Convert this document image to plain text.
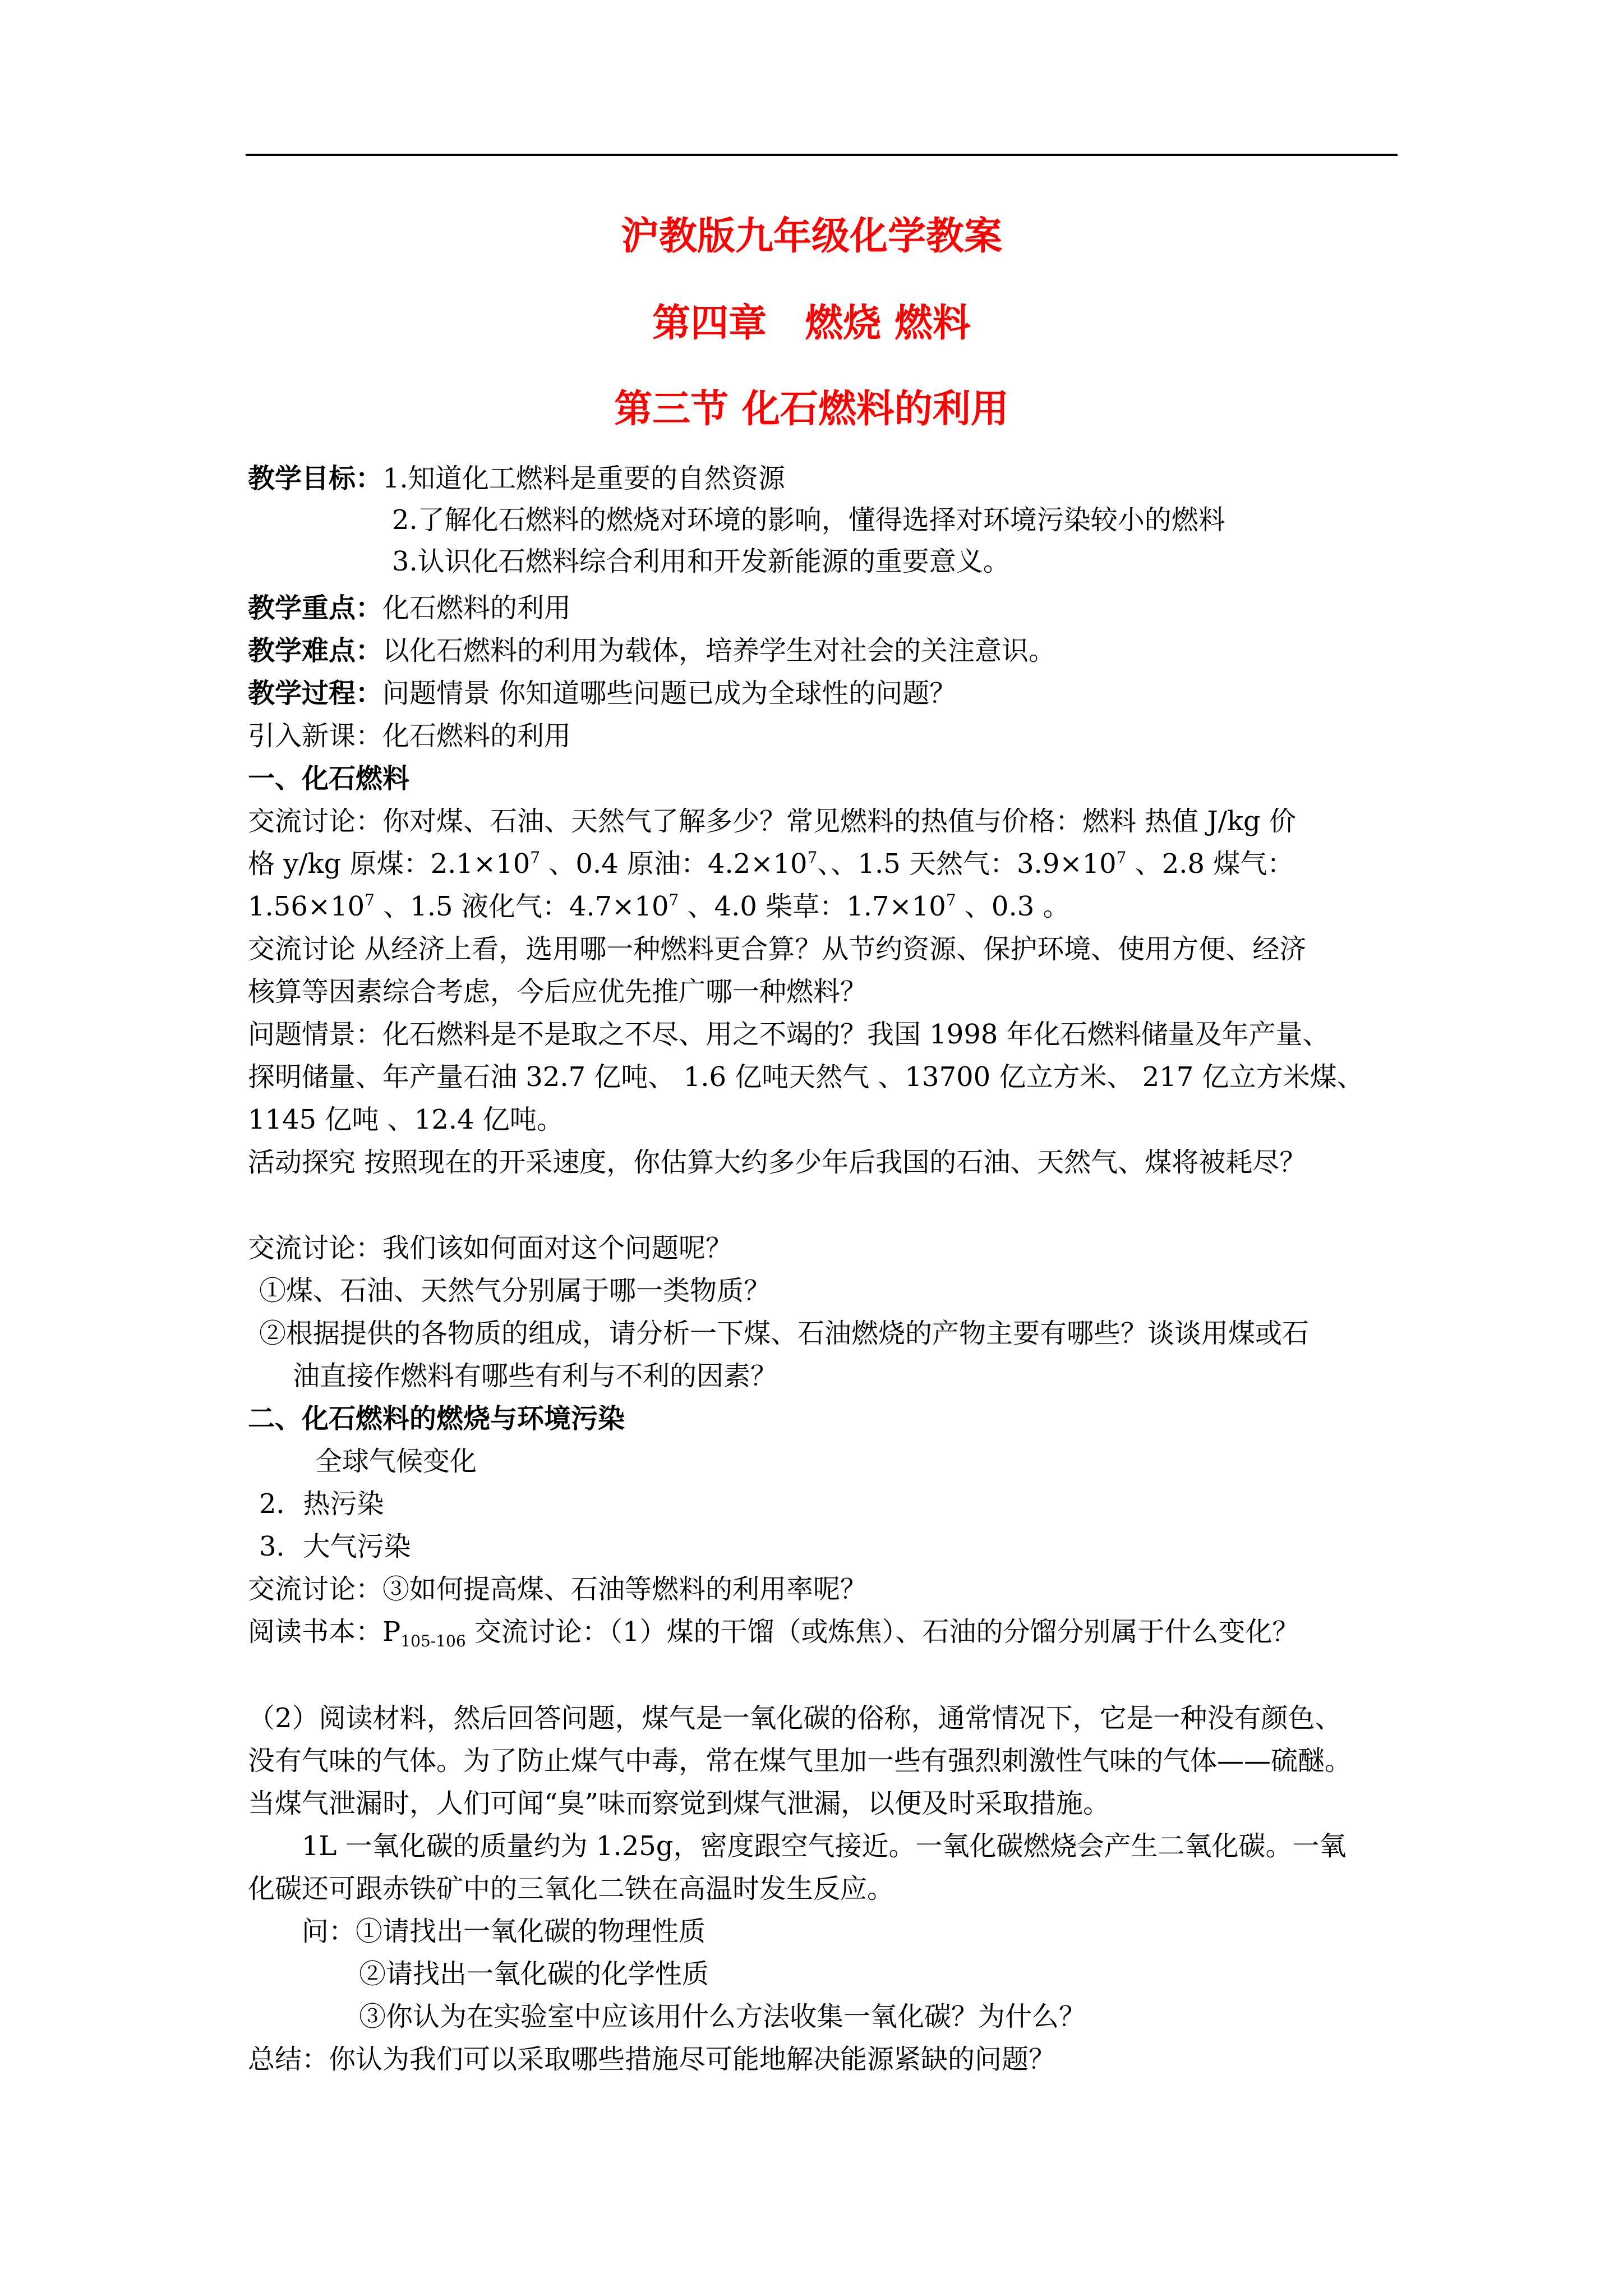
沪教版九年级化学教案
第四章　燃烧 燃料
第三节 化石燃料的利用
教学目标：1.知道化工燃料是重要的自然资源
2.了解化石燃料的燃烧对环境的影响，懂得选择对环境污染较小的燃料
3.认识化石燃料综合利用和开发新能源的重要意义。
教学重点：化石燃料的利用
教学难点：以化石燃料的利用为载体，培养学生对社会的关注意识。
教学过程：问题情景 你知道哪些问题已成为全球性的问题？
引入新课：化石燃料的利用
一、化石燃料
交流讨论：你对煤、石油、天然气了解多少？常见燃料的热值与价格：燃料 热值 J/kg 价
格 y/kg 原煤：$2.1\times 10^7$ 、0.4 原油：$4.2\times 10^7$、、1.5 天然气：$3.9\times 10^7$ 、2.8 煤气：
$1.56\times 10^7$ 、1.5 液化气：$4.7\times 10^7$ 、4.0 柴草：$1.7\times 10^7$ 、0.3 。
交流讨论 从经济上看，选用哪一种燃料更合算？从节约资源、保护环境、使用方便、经济
核算等因素综合考虑，今后应优先推广哪一种燃料？
问题情景：化石燃料是不是取之不尽、用之不竭的？我国 1998 年化石燃料储量及年产量、
探明储量、年产量石油 32.7 亿吨、 1.6 亿吨天然气 、13700 亿立方米、 217 亿立方米煤、
1145 亿吨 、12.4 亿吨。
活动探究 按照现在的开采速度，你估算大约多少年后我国的石油、天然气、煤将被耗尽？
交流讨论：我们该如何面对这个问题呢？
①煤、石油、天然气分别属于哪一类物质？
②根据提供的各物质的组成，请分析一下煤、石油燃烧的产物主要有哪些？谈谈用煤或石
油直接作燃料有哪些有利与不利的因素？
二、化石燃料的燃烧与环境污染
全球气候变化
2．热污染
3．大气污染
交流讨论：③如何提高煤、石油等燃料的利用率呢？
阅读书本：$P_{105-106}$ 交流讨论：（1）煤的干馏（或炼焦）、石油的分馏分别属于什么变化？
（2）阅读材料，然后回答问题，煤气是一氧化碳的俗称，通常情况下，它是一种没有颜色、
没有气味的气体。为了防止煤气中毒，常在煤气里加一些有强烈刺激性气味的气体——硫醚。
当煤气泄漏时，人们可闻“臭”味而察觉到煤气泄漏，以便及时采取措施。
1L 一氧化碳的质量约为 1.25g，密度跟空气接近。一氧化碳燃烧会产生二氧化碳。一氧
化碳还可跟赤铁矿中的三氧化二铁在高温时发生反应。
问：①请找出一氧化碳的物理性质
②请找出一氧化碳的化学性质
③你认为在实验室中应该用什么方法收集一氧化碳？为什么？
总结：你认为我们可以采取哪些措施尽可能地解决能源紧缺的问题？
